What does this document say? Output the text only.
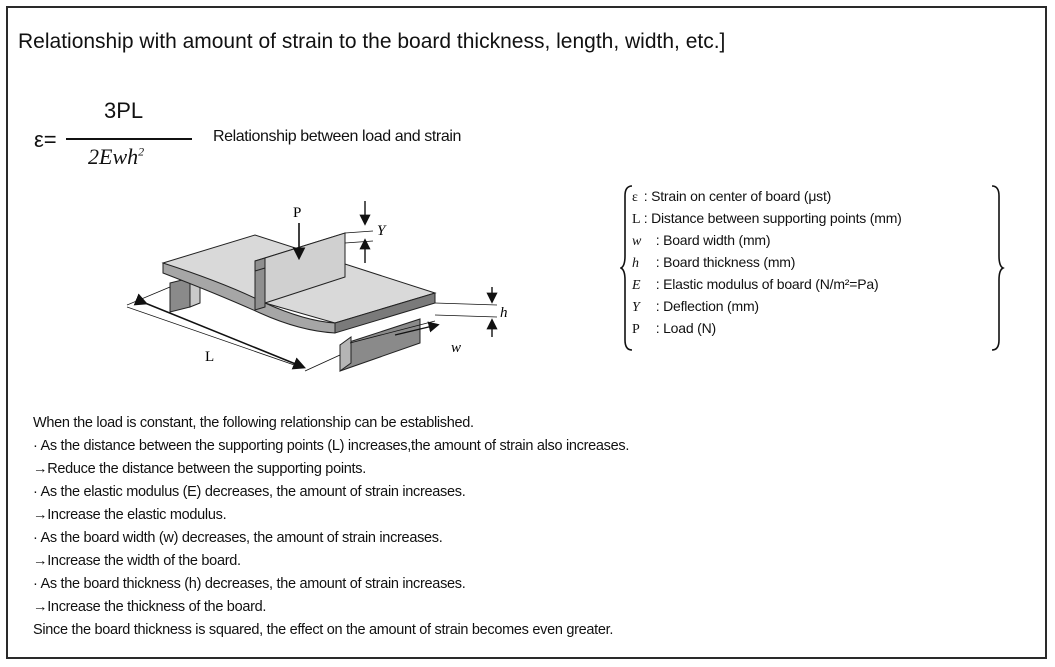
Relationship with amount of strain to the board thickness, length, width, etc.]
ε=
3PL
2Ewh$^2$
Relationship between load and strain
P
Y
h
w
L
ε : Strain on center of board (μst)
L : Distance between supporting points (mm)
w : Board width (mm)
h : Board thickness (mm)
E : Elastic modulus of board (N/m²=Pa)
Y : Deflection (mm)
P : Load (N)
When the load is constant, the following relationship can be established.
· As the distance between the supporting points (L) increases,the amount of strain also increases.
→Reduce the distance between the supporting points.
· As the elastic modulus (E) decreases, the amount of strain increases.
→Increase the elastic modulus.
· As the board width (w) decreases, the amount of strain increases.
→Increase the width of the board.
· As the board thickness (h) decreases, the amount of strain increases.
→Increase the thickness of the board.
Since the board thickness is squared, the effect on the amount of strain becomes even greater.
